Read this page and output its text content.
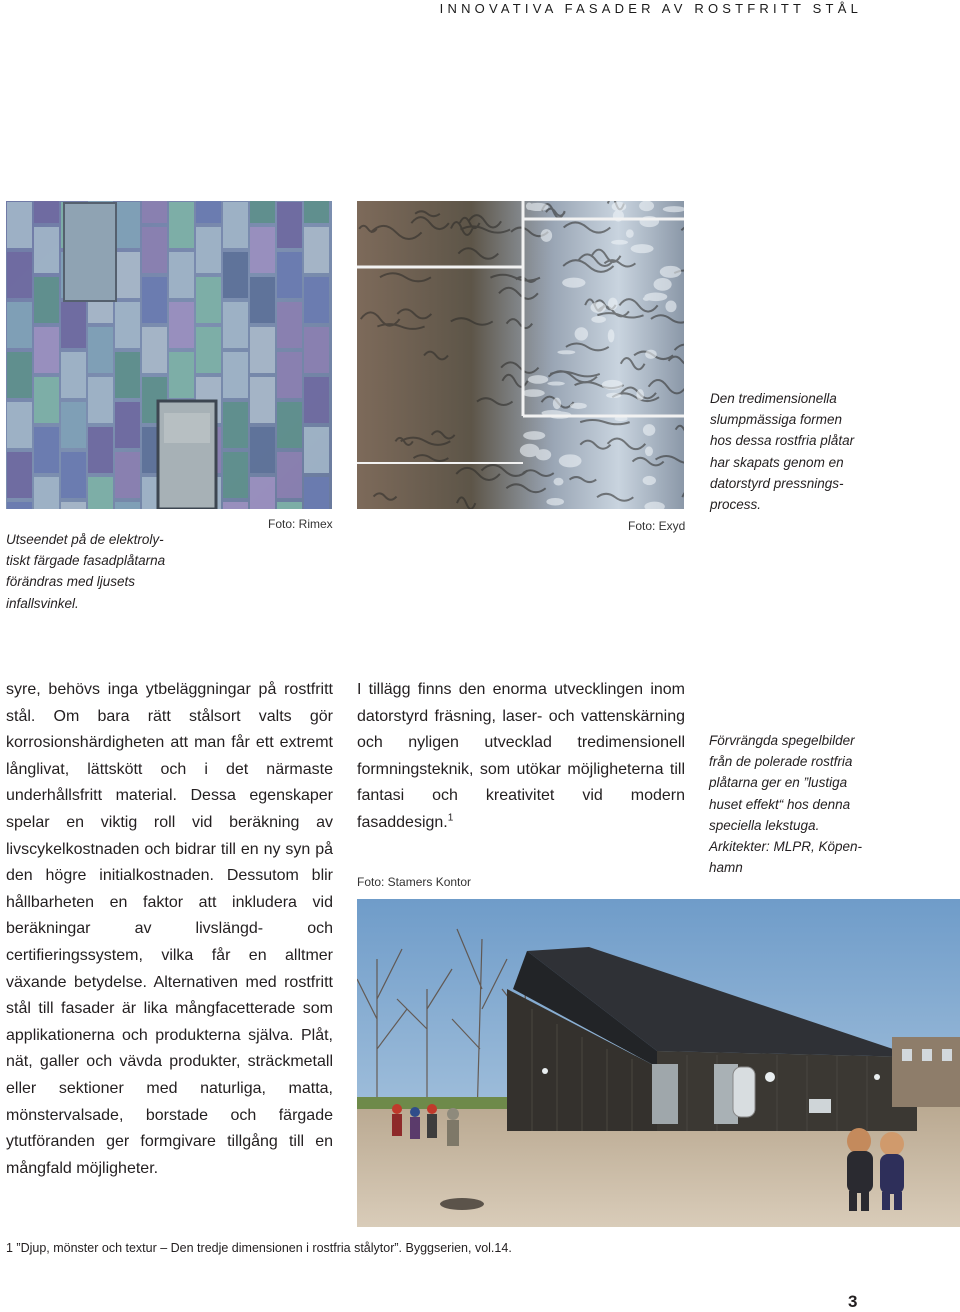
INNOVATIVA FASADER AV ROSTFRITT STÅL
Foto: Rimex	Foto: Exyd
Den tredimensionella
slumpmässiga formen
hos dessa rostfria plåtar
har skapats genom en
datorstyrd pressnings-
process.
Utseendet på de elektroly-
tiskt färgade fasadplåtarna
förändras med ljusets
infallsvinkel.

syre, behövs inga ytbeläggningar på rostfritt stål. Om bara rätt stålsort valts gör korrosionshärdigheten att man får ett extremt långlivat, lättskött och i det närmaste underhållsfritt material. Dessa egenskaper spelar en viktig roll vid beräkning av livscykelkostnaden och bidrar till en ny syn på den högre initialkostnaden. Dessutom blir hållbarheten en faktor att inkludera vid beräkningar av livslängd- och certifieringssystem, vilka får en alltmer växande betydelse. Alternativen med rostfritt stål till fasader är lika mångfacetterade som applikationerna och produkterna själva. Plåt, nät, galler och vävda produkter, sträckmetall eller sektioner med naturliga, matta, mönstervalsade, borstade och färgade ytutföranden ger formgivare tillgång till en mångfald möjligheter.

I tillägg finns den enorma utvecklingen inom datorstyrd fräsning, laser- och vattenskärning och nyligen utvecklad tredimensionell formningsteknik, som utökar möjligheterna till fantasi och kreativitet vid modern fasaddesign.$^1$

Foto: Stamers Kontor
Förvrängda spegelbilder
från de polerade rostfria
plåtarna ger en ”lustiga
huset effekt“ hos denna
speciella lekstuga.
Arkitekter: MLPR, Köpen-
hamn
1 ”Djup, mönster och textur – Den tredje dimensionen i rostfria stålytor”. Byggserien, vol.14.
3
